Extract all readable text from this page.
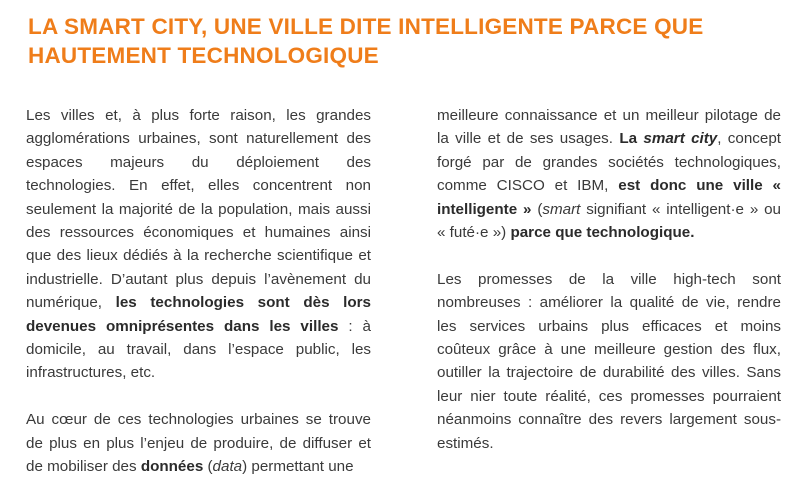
LA SMART CITY, UNE VILLE DITE INTELLIGENTE PARCE QUE HAUTEMENT TECHNOLOGIQUE

Les villes et, à plus forte raison, les grandes agglomérations urbaines, sont naturellement des espaces majeurs du déploiement des technologies. En effet, elles concentrent non seulement la majorité de la population, mais aussi des ressources économiques et humaines ainsi que des lieux dédiés à la recherche scientifique et industrielle. D’autant plus depuis l’avènement du numérique, les technologies sont dès lors devenues omniprésentes dans les villes : à domicile, au travail, dans l’espace public, les infrastructures, etc.

Au cœur de ces technologies urbaines se trouve de plus en plus l’enjeu de produire, de diffuser et de mobiliser des données (data) permettant une

meilleure connaissance et un meilleur pilotage de la ville et de ses usages. La smart city, concept forgé par de grandes sociétés technologiques, comme CISCO et IBM, est donc une ville « intelligente » (smart signifiant « intelligent·e » ou « futé·e ») parce que technologique.

Les promesses de la ville high-tech sont nombreuses : améliorer la qualité de vie, rendre les services urbains plus efficaces et moins coûteux grâce à une meilleure gestion des flux, outiller la trajectoire de durabilité des villes. Sans leur nier toute réalité, ces promesses pourraient néanmoins connaître des revers largement sous-estimés.
